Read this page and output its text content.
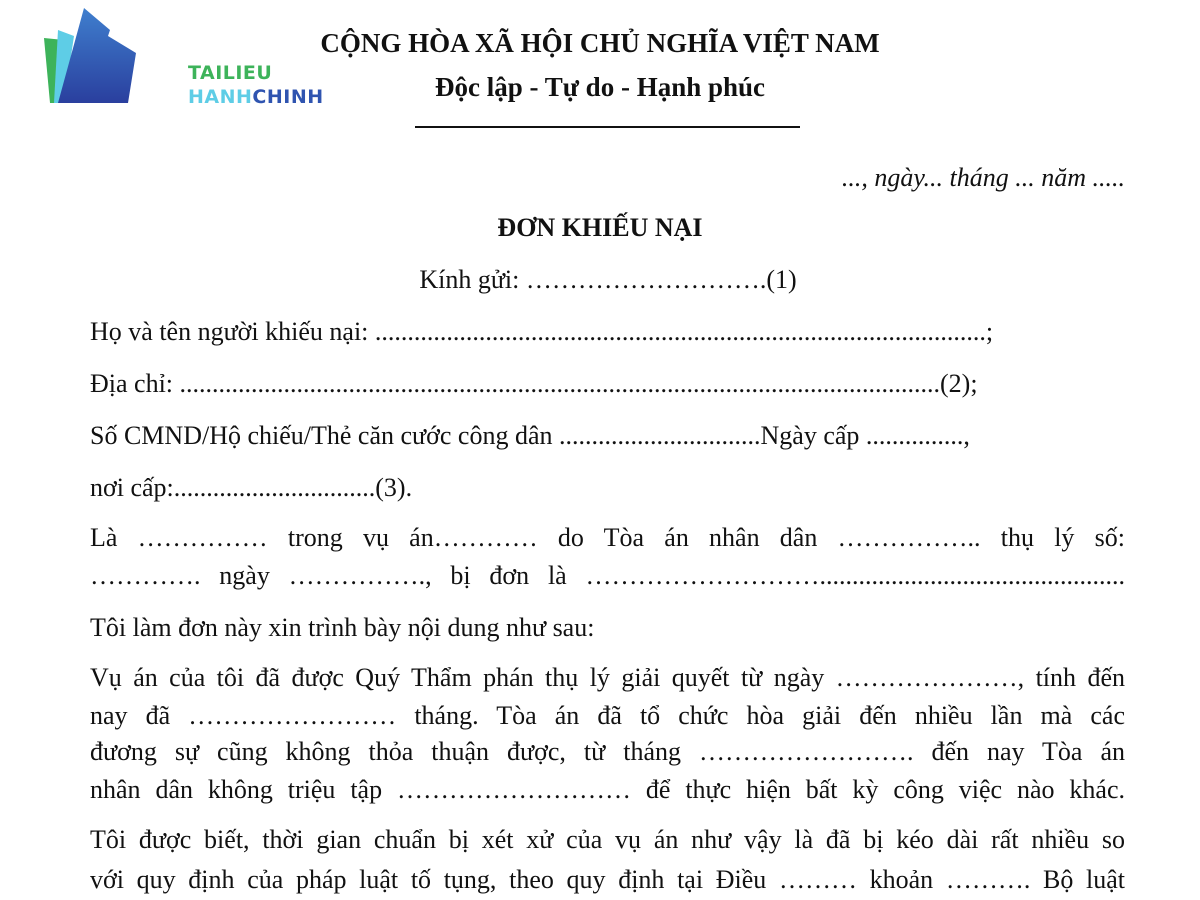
TAILIEU
HANHCHINH
CỘNG HÒA XÃ HỘI CHỦ NGHĨA VIỆT NAM
Độc lập - Tự do - Hạnh phúc
..., ngày... tháng ... năm .....
ĐƠN KHIẾU NẠI
Kính gửi: ……………………….(1)
Họ và tên người khiếu nại: ..............................................................................................;
Địa chỉ: .....................................................................................................................(2);
Số CMND/Hộ chiếu/Thẻ căn cước công dân ...............................Ngày cấp ...............,
nơi cấp:...............................(3).
Là …………… trong vụ án………… do Tòa án nhân dân …………….. thụ lý số:
…………. ngày ……………., bị đơn là ………………………...............................................
Tôi làm đơn này xin trình bày nội dung như sau:
Vụ án của tôi đã được Quý Thẩm phán thụ lý giải quyết từ ngày …………………, tính đến
nay đã …………………… tháng. Tòa án đã tổ chức hòa giải đến nhiều lần mà các
đương sự cũng không thỏa thuận được, từ tháng ……………………. đến nay Tòa án
nhân dân không triệu tập ……………………… để thực hiện bất kỳ công việc nào khác.
Tôi được biết, thời gian chuẩn bị xét xử của vụ án như vậy là đã bị kéo dài rất nhiều so
với quy định của pháp luật tố tụng, theo quy định tại Điều ……… khoản ………. Bộ luật
